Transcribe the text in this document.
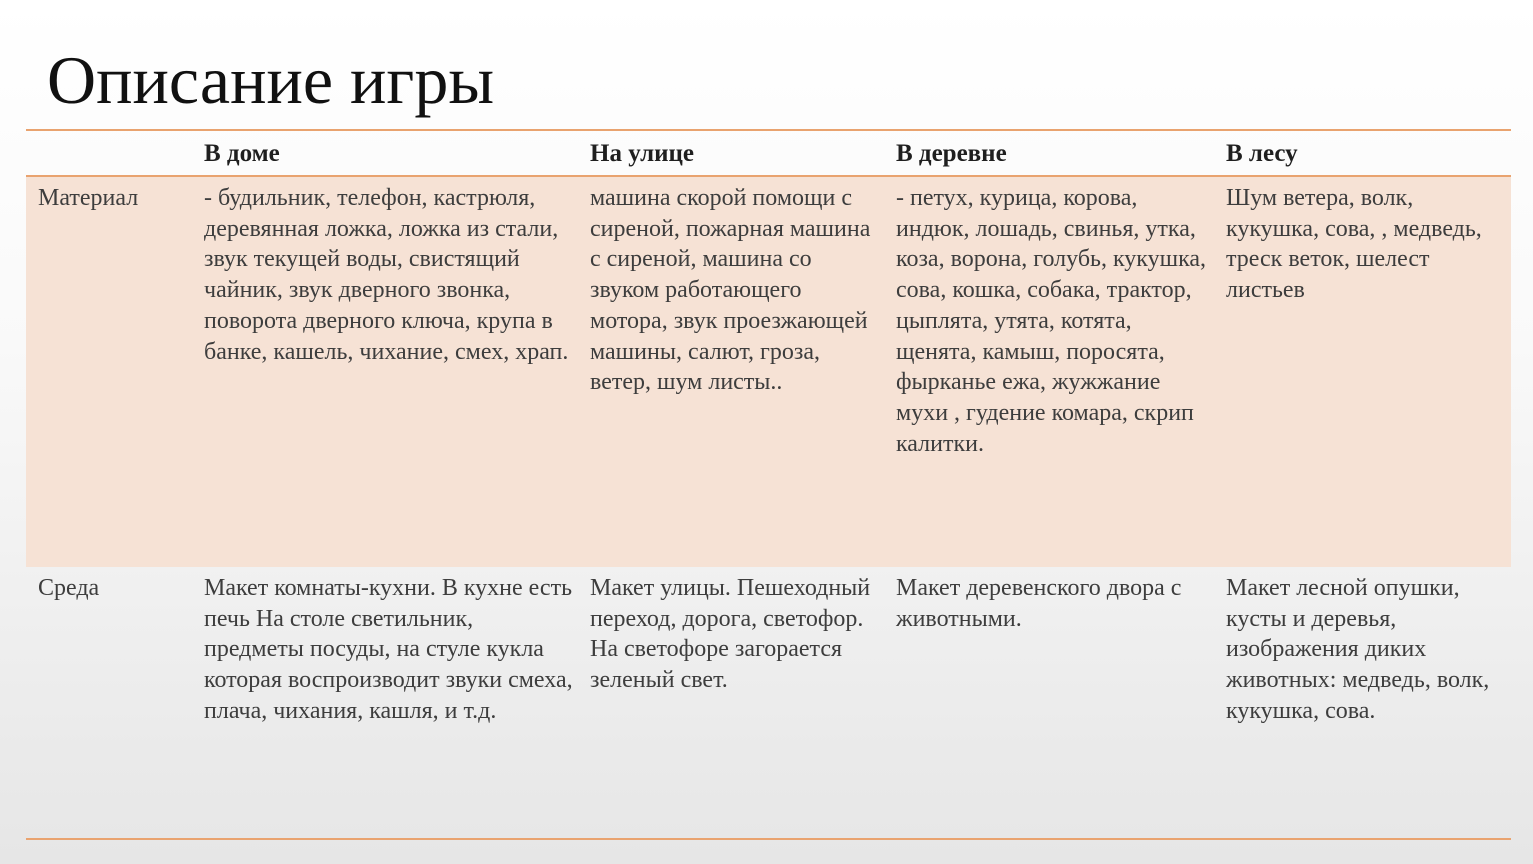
Описание игры
	В доме	На улице	В деревне	В лесу
Материал	- будильник, телефон, кастрюля, деревянная ложка, ложка из стали, звук текущей воды, свистящий чайник, звук дверного звонка, поворота дверного ключа, крупа в банке, кашель, чихание, смех, храп.	машина скорой помощи с сиреной, пожарная машина с сиреной, машина со звуком работающего мотора, звук проезжающей машины, салют, гроза, ветер, шум листы..	- петух, курица, корова, индюк, лошадь, свинья, утка, коза, ворона, голубь, кукушка, сова, кошка, собака, трактор, цыплята, утята, котята, щенята, камыш, поросята, фырканье ежа, жужжание мухи , гудение комара, скрип калитки.	Шум ветера, волк, кукушка, сова, , медведь, треск веток, шелест листьев
Среда	Макет комнаты-кухни. В кухне есть печь На столе светильник, предметы посуды, на стуле кукла которая воспроизводит звуки смеха, плача, чихания, кашля, и т.д.	Макет улицы. Пешеходный переход, дорога, светофор. На светофоре загорается зеленый свет.	Макет деревенского двора с животными.	Макет лесной опушки, кусты и деревья, изображения диких животных: медведь, волк, кукушка, сова.
